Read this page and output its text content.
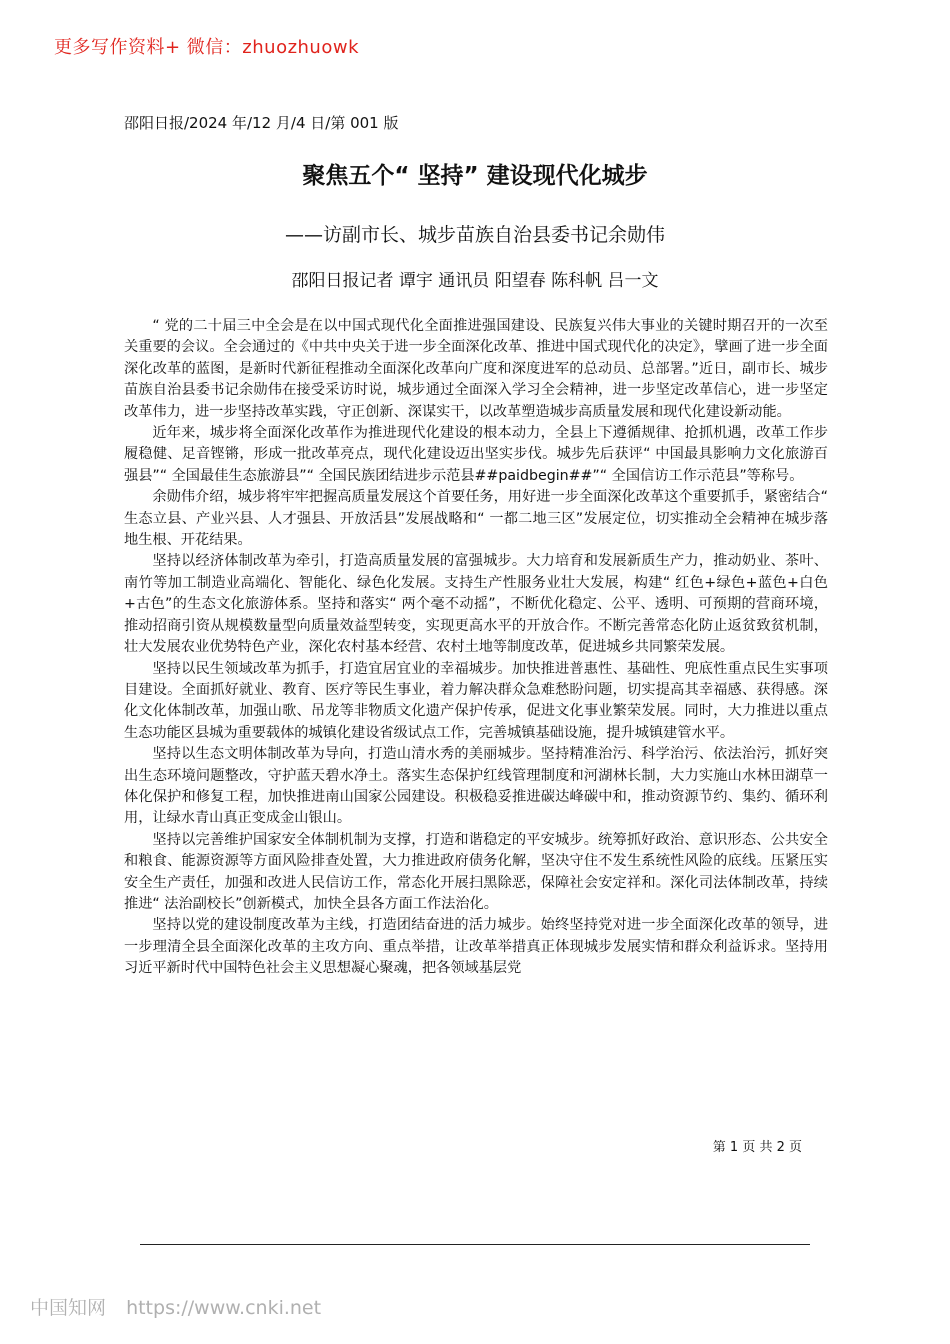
更多写作资料+ 微信：zhuozhuowk
邵阳日报/2024 年/12 月/4 日/第 001 版
聚焦五个“ 坚持” 建设现代化城步
——访副市长、城步苗族自治县委书记余勋伟
邵阳日报记者 谭宇 通讯员 阳望春 陈科帆 吕一文

“ 党的二十届三中全会是在以中国式现代化全面推进强国建设、民族复兴伟大事业的关键时期召开的一次至关重要的会议。全会通过的《中共中央关于进一步全面深化改革、推进中国式现代化的决定》，擘画了进一步全面深化改革的蓝图，是新时代新征程推动全面深化改革向广度和深度进军的总动员、总部署。”近日，副市长、城步苗族自治县委书记余勋伟在接受采访时说，城步通过全面深入学习全会精神，进一步坚定改革信心，进一步坚定改革伟力，进一步坚持改革实践，守正创新、深谋实干，以改革塑造城步高质量发展和现代化建设新动能。

近年来，城步将全面深化改革作为推进现代化建设的根本动力，全县上下遵循规律、抢抓机遇，改革工作步履稳健、足音铿锵，形成一批改革亮点，现代化建设迈出坚实步伐。城步先后获评“ 中国最具影响力文化旅游百强县”“ 全国最佳生态旅游县”“ 全国民族团结进步示范县##paidbegin##”“ 全国信访工作示范县”等称号。

余勋伟介绍，城步将牢牢把握高质量发展这个首要任务，用好进一步全面深化改革这个重要抓手，紧密结合“ 生态立县、产业兴县、人才强县、开放活县”发展战略和“ 一都二地三区”发展定位，切实推动全会精神在城步落地生根、开花结果。

坚持以经济体制改革为牵引，打造高质量发展的富强城步。大力培育和发展新质生产力，推动奶业、茶叶、南竹等加工制造业高端化、智能化、绿色化发展。支持生产性服务业壮大发展，构建“ 红色+绿色+蓝色+白色+古色”的生态文化旅游体系。坚持和落实“ 两个毫不动摇”，不断优化稳定、公平、透明、可预期的营商环境，推动招商引资从规模数量型向质量效益型转变，实现更高水平的开放合作。不断完善常态化防止返贫致贫机制，壮大发展农业优势特色产业，深化农村基本经营、农村土地等制度改革，促进城乡共同繁荣发展。

坚持以民生领域改革为抓手，打造宜居宜业的幸福城步。加快推进普惠性、基础性、兜底性重点民生实事项目建设。全面抓好就业、教育、医疗等民生事业，着力解决群众急难愁盼问题，切实提高其幸福感、获得感。深化文化体制改革，加强山歌、吊龙等非物质文化遗产保护传承，促进文化事业繁荣发展。同时，大力推进以重点生态功能区县城为重要载体的城镇化建设省级试点工作，完善城镇基础设施，提升城镇建管水平。

坚持以生态文明体制改革为导向，打造山清水秀的美丽城步。坚持精准治污、科学治污、依法治污，抓好突出生态环境问题整改，守护蓝天碧水净土。落实生态保护红线管理制度和河湖林长制，大力实施山水林田湖草一体化保护和修复工程，加快推进南山国家公园建设。积极稳妥推进碳达峰碳中和，推动资源节约、集约、循环利用，让绿水青山真正变成金山银山。

坚持以完善维护国家安全体制机制为支撑，打造和谐稳定的平安城步。统筹抓好政治、意识形态、公共安全和粮食、能源资源等方面风险排查处置，大力推进政府债务化解，坚决守住不发生系统性风险的底线。压紧压实安全生产责任，加强和改进人民信访工作，常态化开展扫黑除恶，保障社会安定祥和。深化司法体制改革，持续推进“ 法治副校长”创新模式，加快全县各方面工作法治化。

坚持以党的建设制度改革为主线，打造团结奋进的活力城步。始终坚持党对进一步全面深化改革的领导，进一步理清全县全面深化改革的主攻方向、重点举措，让改革举措真正体现城步发展实情和群众利益诉求。坚持用习近平新时代中国特色社会主义思想凝心聚魂，把各领域基层党

第 1 页 共 2 页
中国知网 https://www.cnki.net
